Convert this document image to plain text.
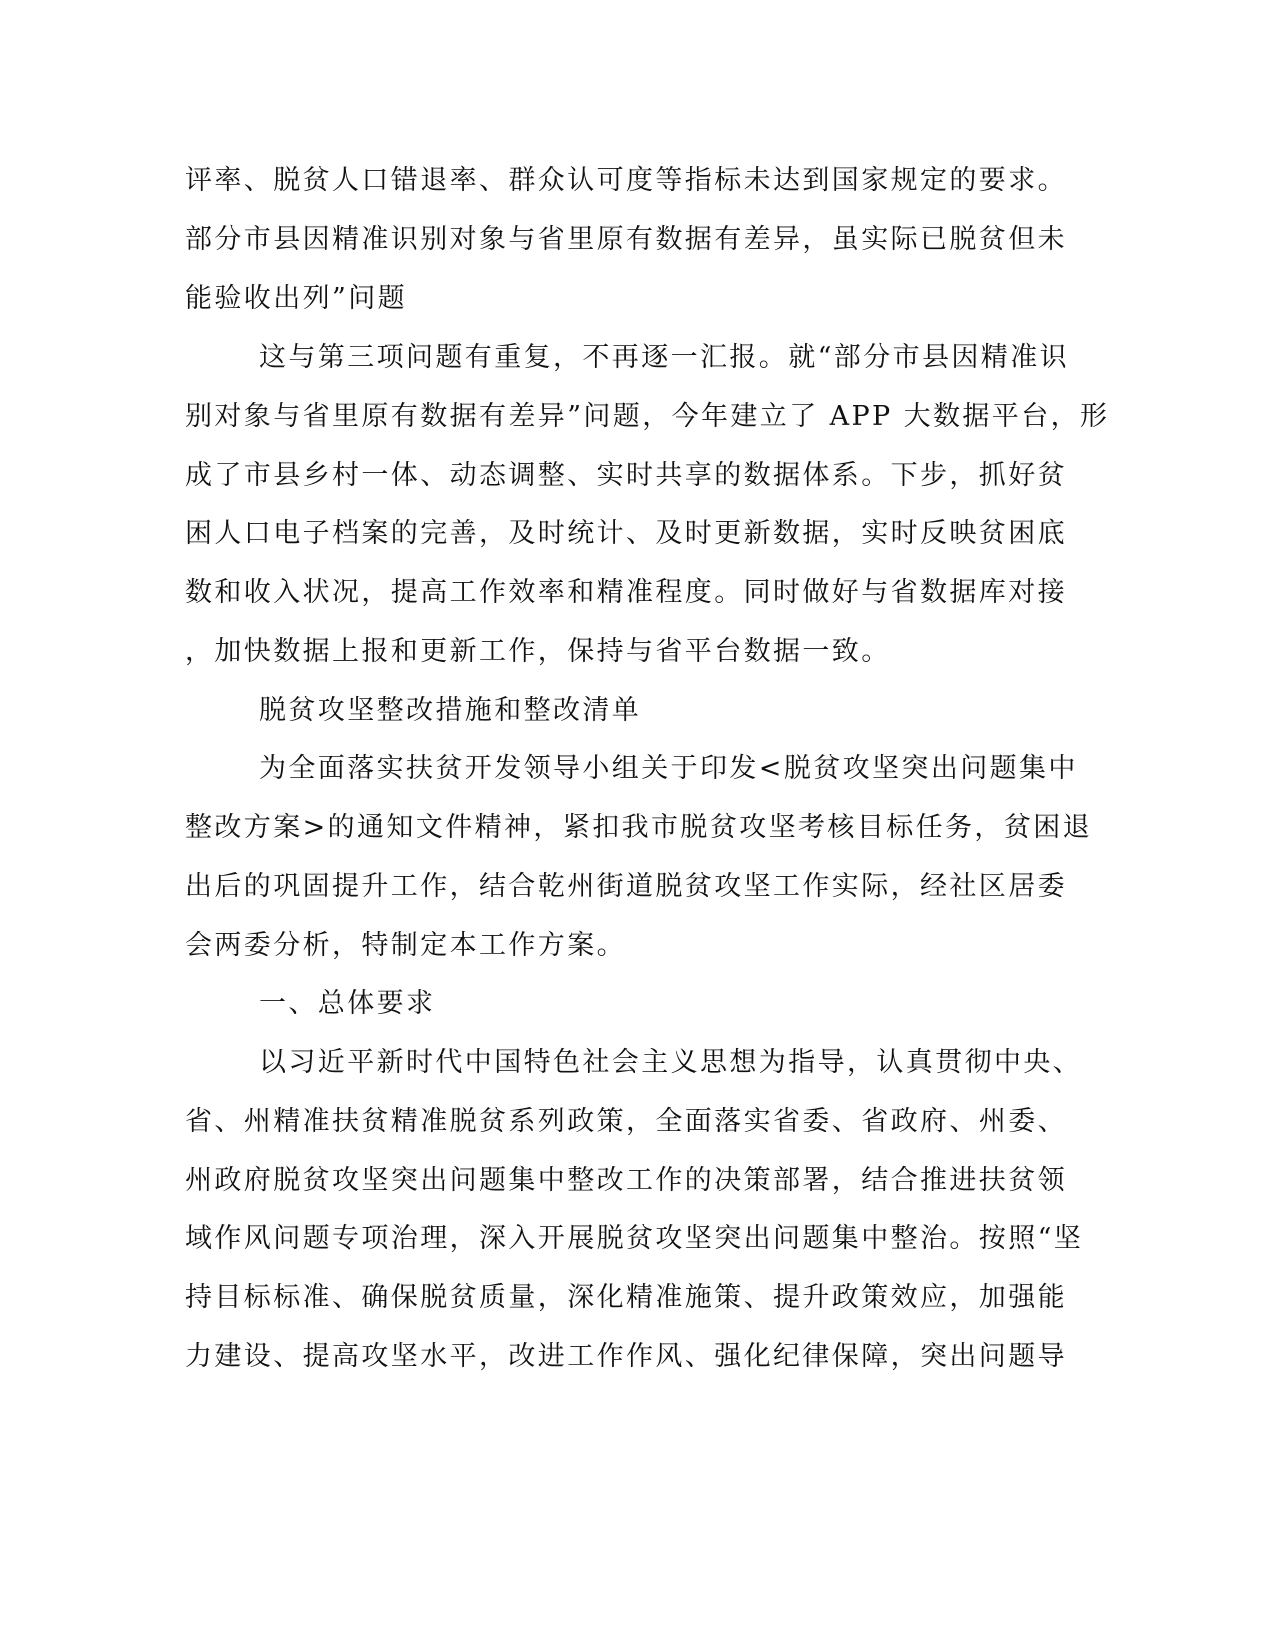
评率、脱贫人口错退率、群众认可度等指标未达到国家规定的要求。

部分市县因精准识别对象与省里原有数据有差异，虽实际已脱贫但未

能验收出列”问题

这与第三项问题有重复，不再逐一汇报。就“部分市县因精准识

别对象与省里原有数据有差异”问题，今年建立了 APP 大数据平台，形

成了市县乡村一体、动态调整、实时共享的数据体系。下步，抓好贫

困人口电子档案的完善，及时统计、及时更新数据，实时反映贫困底

数和收入状况，提高工作效率和精准程度。同时做好与省数据库对接

，加快数据上报和更新工作，保持与省平台数据一致。

脱贫攻坚整改措施和整改清单

为全面落实扶贫开发领导小组关于印发<脱贫攻坚突出问题集中

整改方案>的通知文件精神，紧扣我市脱贫攻坚考核目标任务，贫困退

出后的巩固提升工作，结合乾州街道脱贫攻坚工作实际，经社区居委

会两委分析，特制定本工作方案。

一、总体要求

以习近平新时代中国特色社会主义思想为指导，认真贯彻中央、

省、州精准扶贫精准脱贫系列政策，全面落实省委、省政府、州委、

州政府脱贫攻坚突出问题集中整改工作的决策部署，结合推进扶贫领

域作风问题专项治理，深入开展脱贫攻坚突出问题集中整治。按照“坚

持目标标准、确保脱贫质量，深化精准施策、提升政策效应，加强能

力建设、提高攻坚水平，改进工作作风、强化纪律保障，突出问题导
